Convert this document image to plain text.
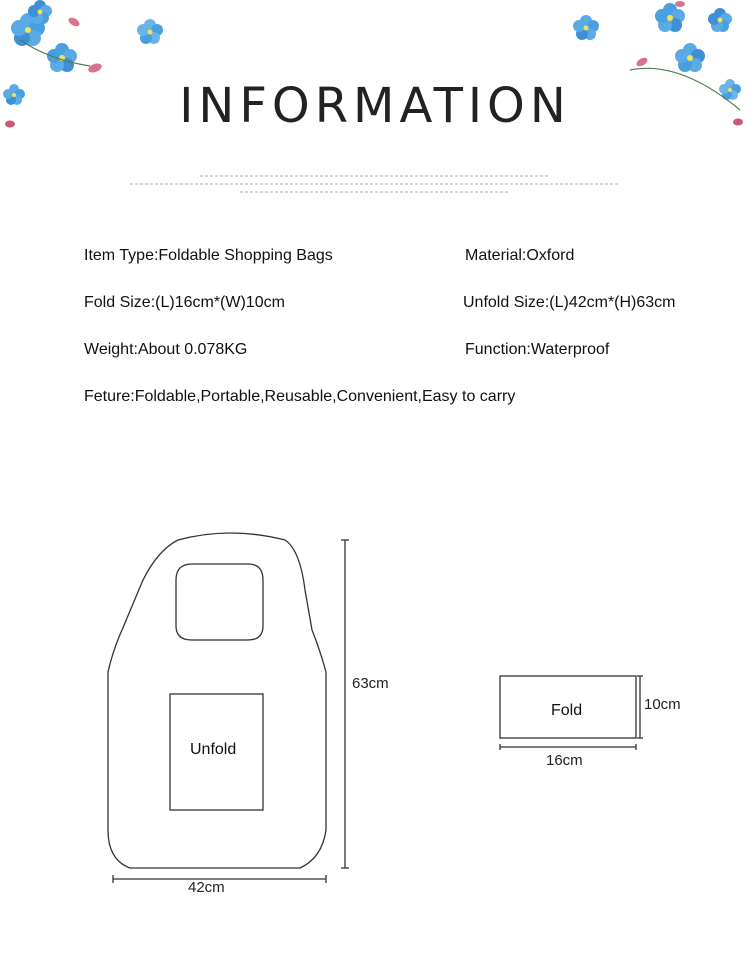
INFORMATION
Item Type:Foldable Shopping Bags	Material:Oxford
Fold Size:(L)16cm*(W)10cm	Unfold Size:(L)42cm*(H)63cm
Weight:About 0.078KG	Function:Waterproof
Feture:Foldable,Portable,Reusable,Convenient,Easy to carry
Unfold
63cm
42cm
Fold	10cm
16cm
